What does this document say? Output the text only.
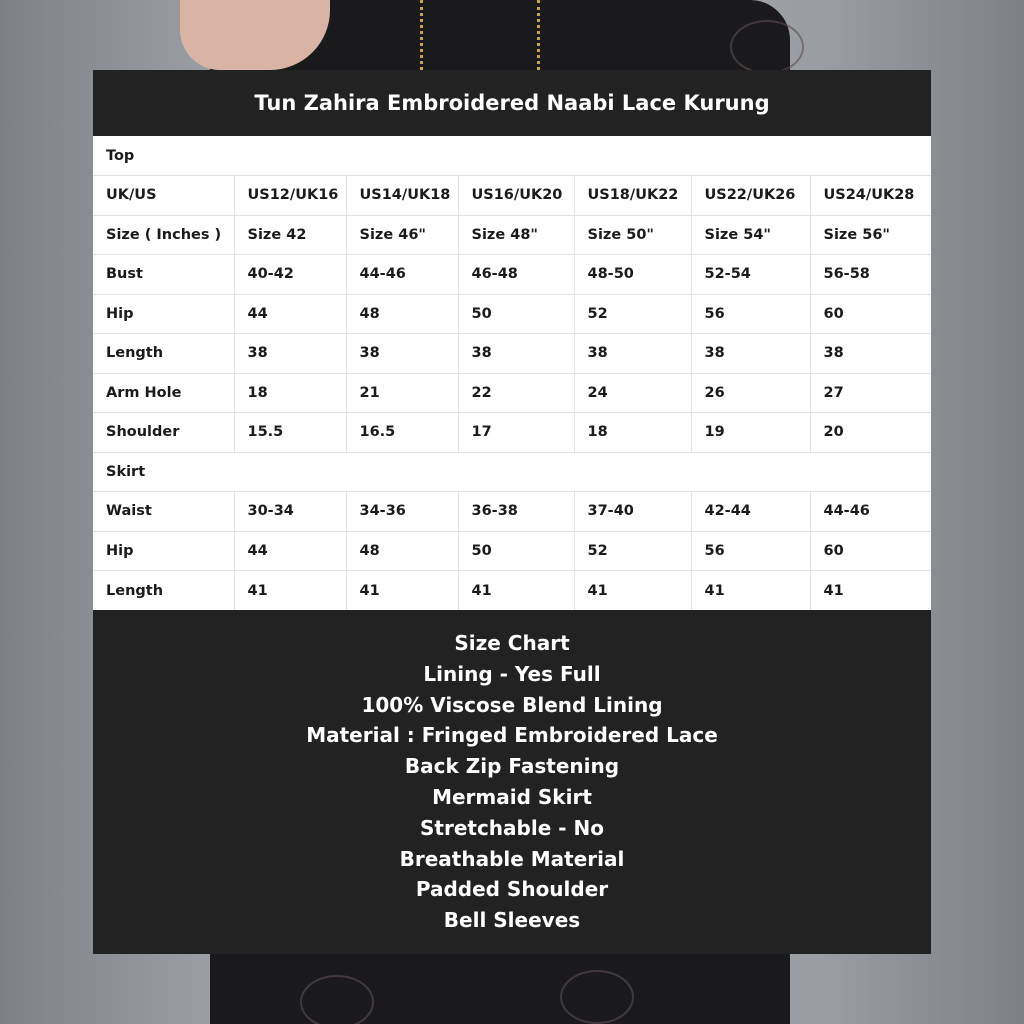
Tun Zahira Embroidered Naabi Lace Kurung
Top						
UK/US	US12/UK16	US14/UK18	US16/UK20	US18/UK22	US22/UK26	US24/UK28
Size ( Inches )	Size 42	Size 46"	Size 48"	Size 50"	Size 54"	Size 56"
Bust	40-42	44-46	46-48	48-50	52-54	56-58
Hip	44	48	50	52	56	60
Length	38	38	38	38	38	38
Arm Hole	18	21	22	24	26	27
Shoulder	15.5	16.5	17	18	19	20
Skirt						
Waist	30-34	34-36	36-38	37-40	42-44	44-46
Hip	44	48	50	52	56	60
Length	41	41	41	41	41	41
Size Chart
Lining - Yes Full
100% Viscose Blend Lining
Material : Fringed Embroidered Lace
Back Zip Fastening
Mermaid Skirt
Stretchable - No
Breathable Material
Padded Shoulder
Bell Sleeves
